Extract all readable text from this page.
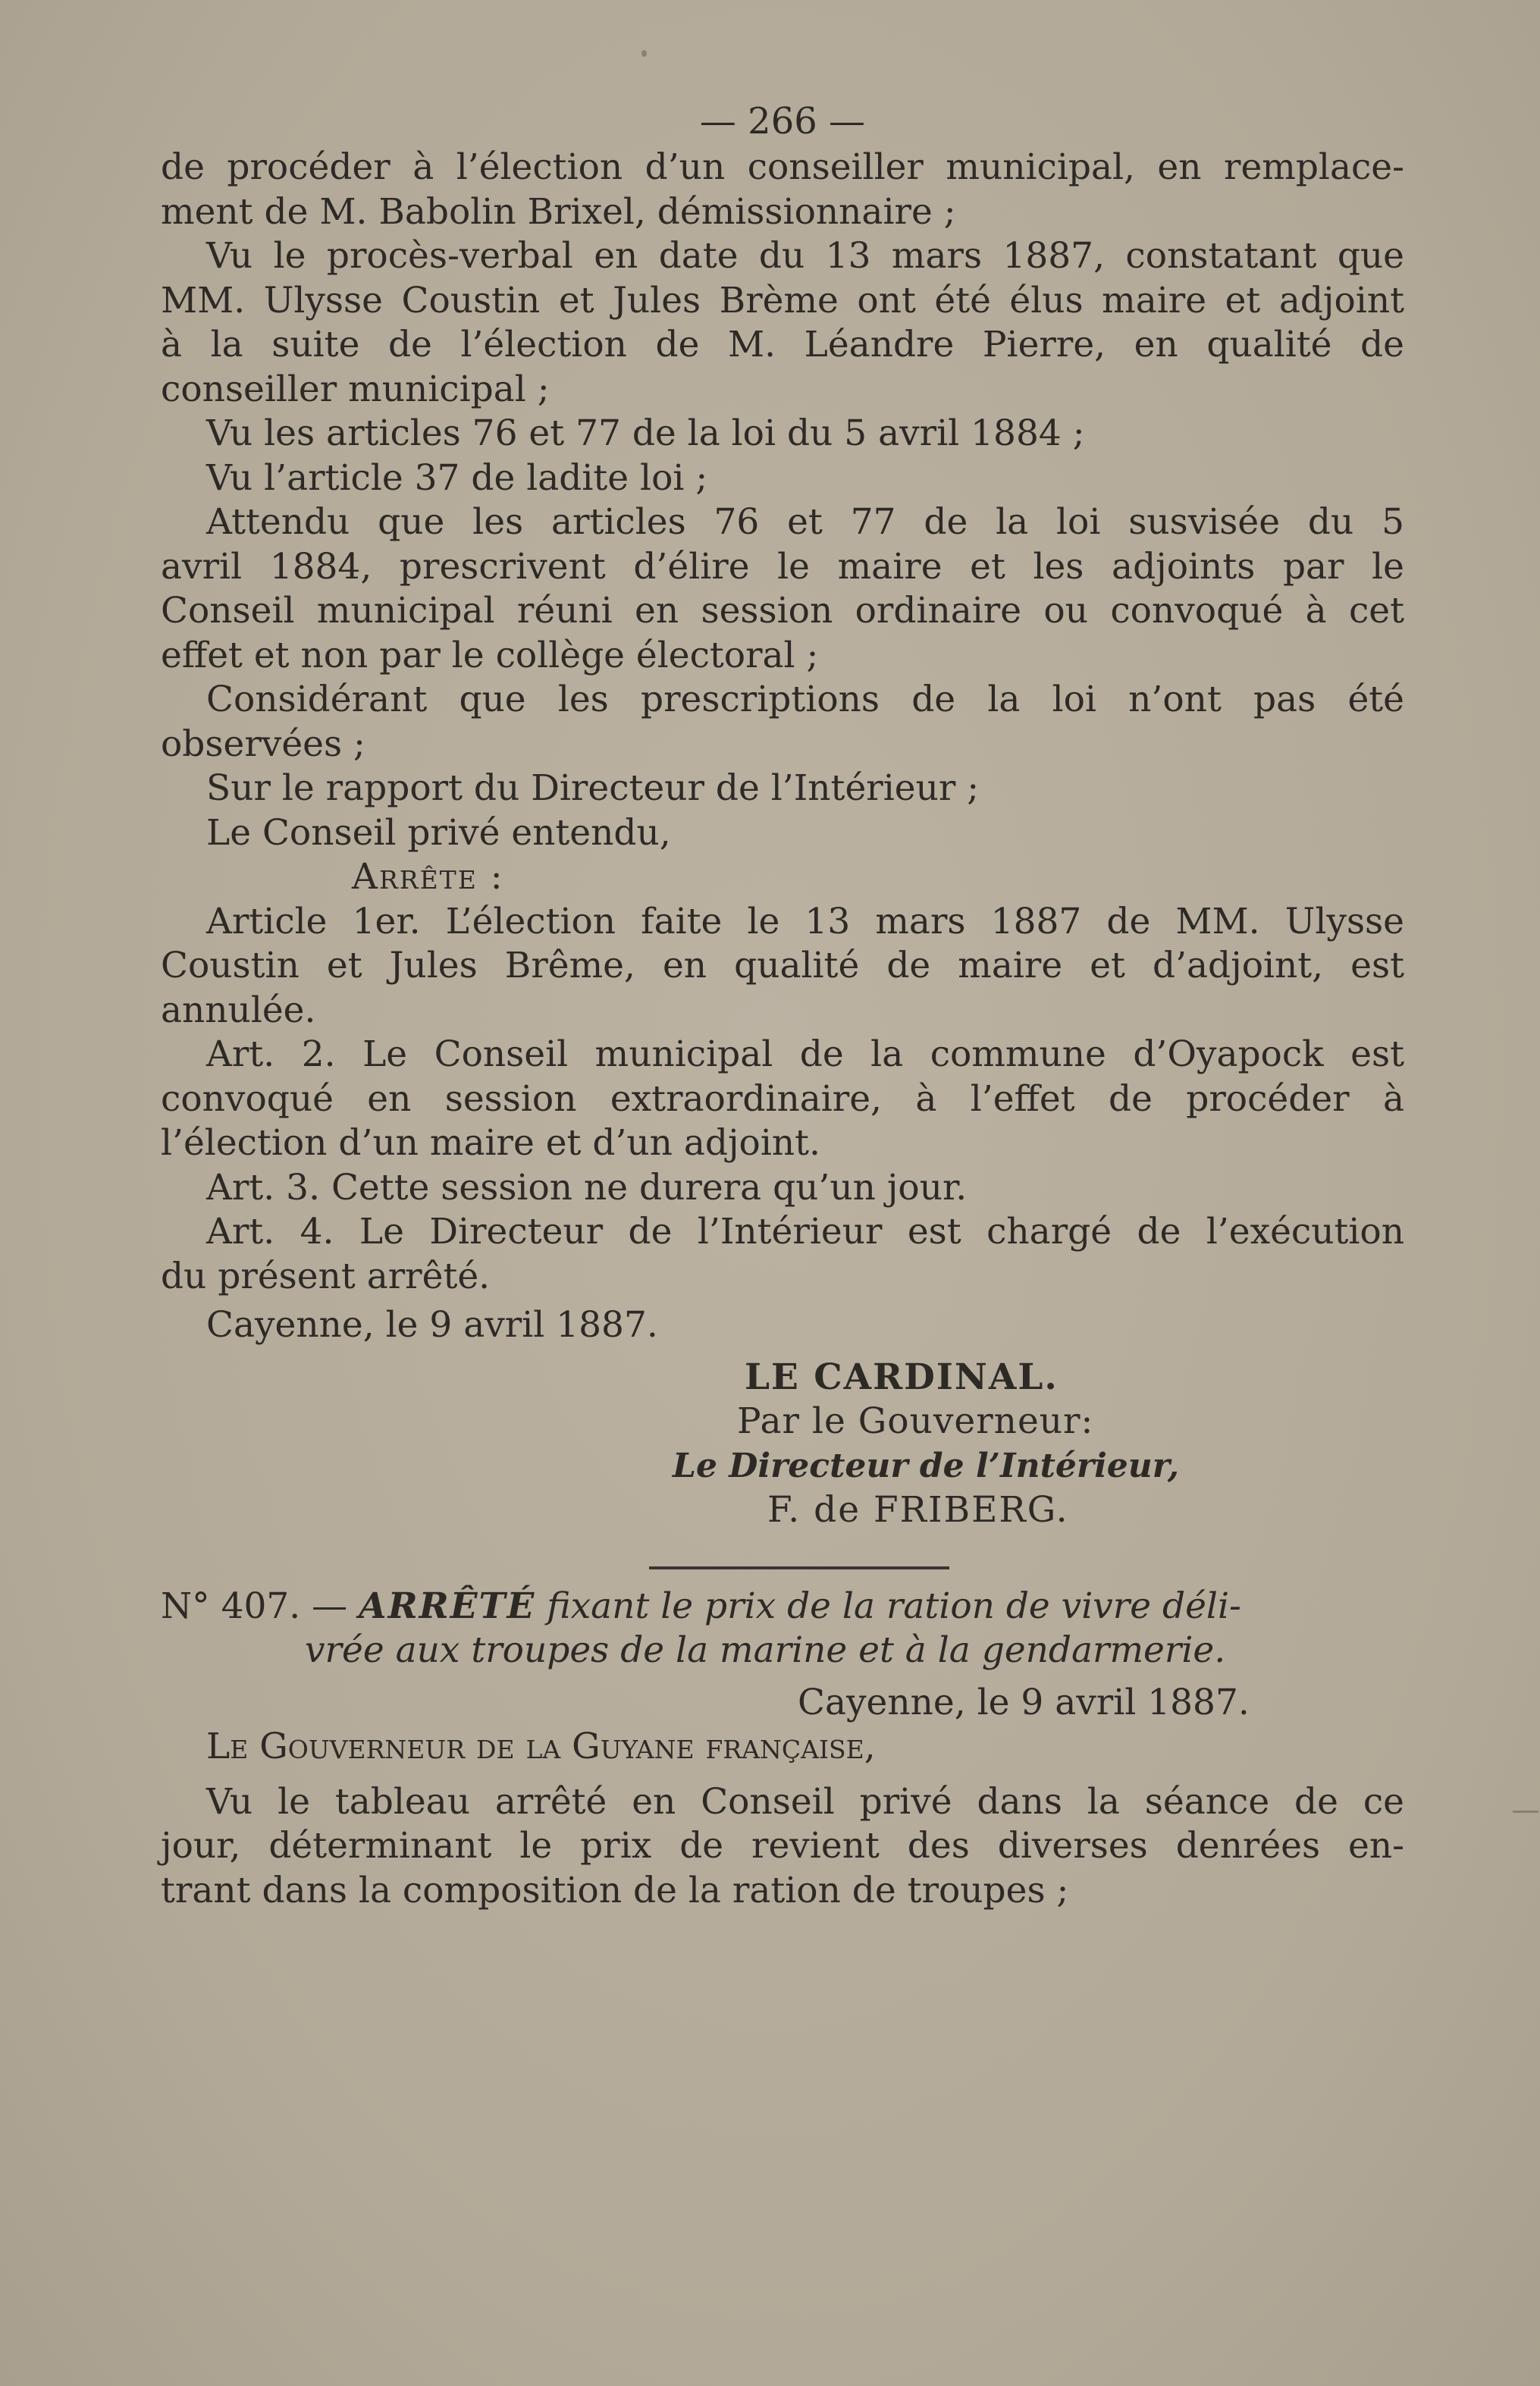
— 266 —
de procéder à l’élection d’un conseiller municipal, en remplace-
ment de M. Babolin Brixel, démissionnaire ;
Vu le procès-verbal en date du 13 mars 1887, constatant que
MM. Ulysse Coustin et Jules Brème ont été élus maire et adjoint
à la suite de l’élection de M. Léandre Pierre, en qualité de
conseiller municipal ;
Vu les articles 76 et 77 de la loi du 5 avril 1884 ;
Vu l’article 37 de ladite loi ;
Attendu que les articles 76 et 77 de la loi susvisée du 5
avril 1884, prescrivent d’élire le maire et les adjoints par le
Conseil municipal réuni en session ordinaire ou convoqué à cet
effet et non par le collège électoral ;
Considérant que les prescriptions de la loi n’ont pas été
observées ;
Sur le rapport du Directeur de l’Intérieur ;
Le Conseil privé entendu,
Arrête :
Article 1er. L’élection faite le 13 mars 1887 de MM. Ulysse
Coustin et Jules Brême, en qualité de maire et d’adjoint, est
annulée.
Art. 2. Le Conseil municipal de la commune d’Oyapock est
convoqué en session extraordinaire, à l’effet de procéder à
l’élection d’un maire et d’un adjoint.
Art. 3. Cette session ne durera qu’un jour.
Art. 4. Le Directeur de l’Intérieur est chargé de l’exécution
du présent arrêté.
Cayenne, le 9 avril 1887.
LE CARDINAL.
Par le Gouverneur:
Le Directeur de l’Intérieur,
F. de FRIBERG.
N° 407. — ARRÊTÉ fixant le prix de la ration de vivre déli-
vrée aux troupes de la marine et à la gendarmerie.
Cayenne, le 9 avril 1887.
Le Gouverneur de la Guyane française,
Vu le tableau arrêté en Conseil privé dans la séance de ce
jour, déterminant le prix de revient des diverses denrées en-
trant dans la composition de la ration de troupes ;
